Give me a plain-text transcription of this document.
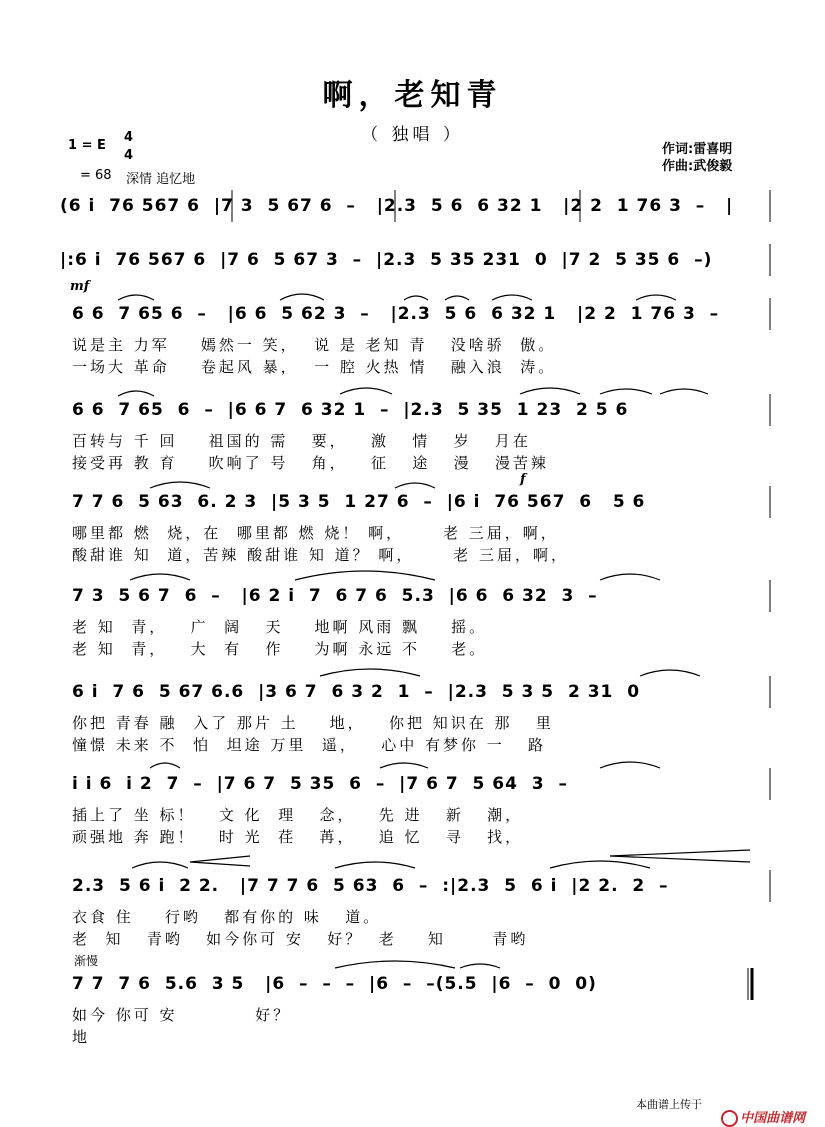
啊，老知青
（ 独唱 ）
1 = E
4
4
= 68 深情 追忆地
作词:雷喜明
作曲:武俊毅
mf
f
渐慢
(6 i  76 567 6  |7 3  5 67 6  –   |2.3  5 6  6 32 1   |2 2  1 76 3  –   |
|:6 i  76 567 6  |7 6  5 67 3  –  |2.3  5 35 231  0  |7 2  5 35 6  –)
6 6  7 65 6  –   |6 6  5 62 3  –   |2.3  5 6  6 32 1   |2 2  1 76 3  –
说是主 力军    嫣然一 笑，  说 是 老知 青   没啥骄  傲。
一场大 革命    卷起风 暴，  一 腔 火热 情   融入浪  涛。
6 6  7 65  6  –  |6 6 7  6 32 1  –  |2.3  5 35  1 23  2 5 6
百转与 千 回    祖国的 需   要，   激   情   岁   月在
接受再 教 育    吹响了 号   角，   征   途   漫   漫苦辣
7 7 6  5 63  6. 2 3  |5 3 5  1 27 6  –  |6 i  76 567  6   5 6
哪里都 燃  烧，在  哪里都 燃 烧！ 啊，     老 三届，啊，
酸甜谁 知  道，苦辣 酸甜谁 知 道？ 啊，     老 三届，啊，
7 3  5 6 7  6  –   |6 2 i  7  6 7 6  5.3  |6 6  6 32  3  –
老 知  青，   广  阔   天    地啊 风雨 飘    摇。
老 知  青，   大  有   作    为啊 永远 不    老。
6 i  7 6  5 67 6.6  |3 6 7  6 3 2  1  –  |2.3  5 3 5  2 31  0
你把 青春 融  入了 那片 土    地，   你把 知识在 那   里
憧憬 未来 不  怕  坦途 万里  遥，   心中 有梦你 一   路
i i 6  i 2  7  –  |7 6 7  5 35  6  –  |7 6 7  5 64  3  –
插上了 坐 标！   文 化  理   念，   先 进   新   潮，
顽强地 奔 跑！   时 光  荏   苒，   追 忆   寻   找，
2.3  5 6 i  2 2.   |7 7 7 6  5 63  6  –  :|2.3  5  6 i  |2 2.  2  –
衣食 住    行哟   都有你的 味   道。
老  知   青哟   如今你可 安   好？  老    知      青哟
7 7  7 6  5.6  3 5   |6  –  –  –  |6  –  –(5.5  |6  –  0  0)
如今 你可 安          好？
地
本曲谱上传于

中国曲谱网
